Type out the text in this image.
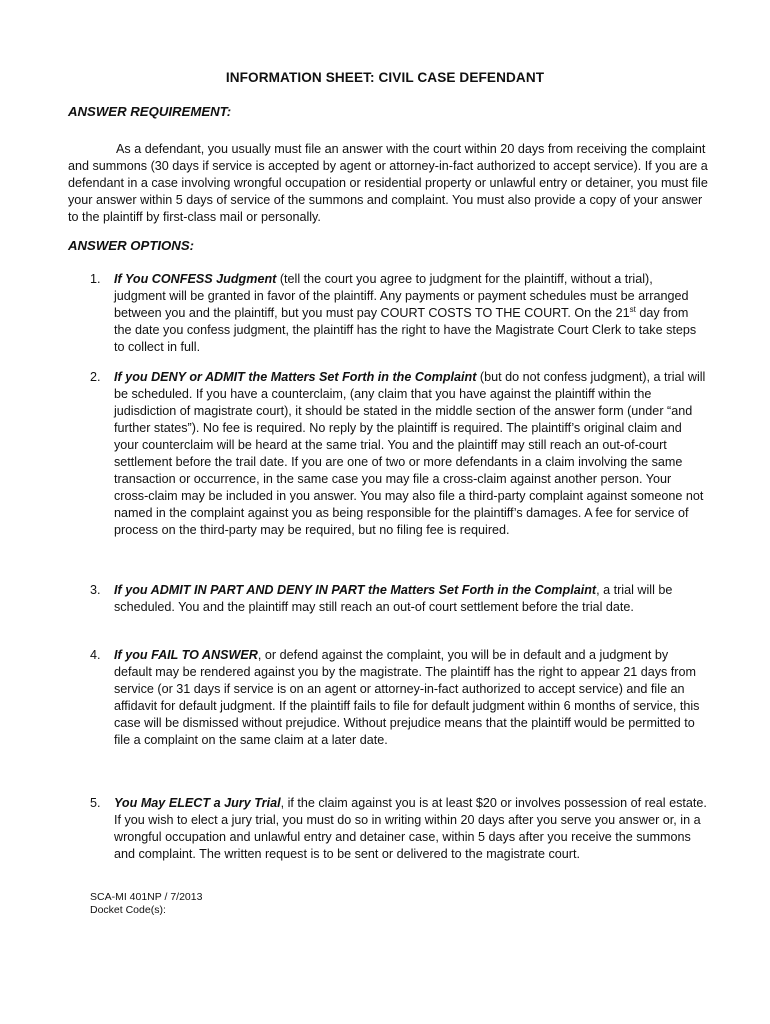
INFORMATION SHEET: CIVIL CASE DEFENDANT
ANSWER REQUIREMENT:
As a defendant, you usually must file an answer with the court within 20 days from receiving the complaint and summons (30 days if service is accepted by agent or attorney-in-fact authorized to accept service). If you are a defendant in a case involving wrongful occupation or residential property or unlawful entry or detainer, you must file your answer within 5 days of service of the summons and complaint. You must also provide a copy of your answer to the plaintiff by first-class mail or personally.
ANSWER OPTIONS:
1.	If You CONFESS Judgment (tell the court you agree to judgment for the plaintiff, without a trial), judgment will be granted in favor of the plaintiff. Any payments or payment schedules must be arranged between you and the plaintiff, but you must pay COURT COSTS TO THE COURT. On the 21st day from the date you confess judgment, the plaintiff has the right to have the Magistrate Court Clerk to take steps to collect in full.
2.	If you DENY or ADMIT the Matters Set Forth in the Complaint (but do not confess judgment), a trial will be scheduled. If you have a counterclaim, (any claim that you have against the plaintiff within the judisdiction of magistrate court), it should be stated in the middle section of the answer form (under “and further states”). No fee is required. No reply by the plaintiff is required. The plaintiff’s original claim and your counterclaim will be heard at the same trial. You and the plaintiff may still reach an out-of-court settlement before the trail date. If you are one of two or more defendants in a claim involving the same transaction or occurrence, in the same case you may file a cross-claim against another person. Your cross-claim may be included in you answer. You may also file a third-party complaint against someone not named in the complaint against you as being responsible for the plaintiff’s damages. A fee for service of process on the third-party may be required, but no filing fee is required.
3.	If you ADMIT IN PART AND DENY IN PART the Matters Set Forth in the Complaint, a trial will be scheduled. You and the plaintiff may still reach an out-of court settlement before the trial date.
4.	If you FAIL TO ANSWER, or defend against the complaint, you will be in default and a judgment by default may be rendered against you by the magistrate. The plaintiff has the right to appear 21 days from service (or 31 days if service is on an agent or attorney-in-fact authorized to accept service) and file an affidavit for default judgment. If the plaintiff fails to file for default judgment within 6 months of service, this case will be dismissed without prejudice. Without prejudice means that the plaintiff would be permitted to file a complaint on the same claim at a later date.
5.	You May ELECT a Jury Trial, if the claim against you is at least $20 or involves possession of real estate. If you wish to elect a jury trial, you must do so in writing within 20 days after you serve you answer or, in a wrongful occupation and unlawful entry and detainer case, within 5 days after you receive the summons and complaint. The written request is to be sent or delivered to the magistrate court.
SCA-MI 401NP / 7/2013
Docket Code(s):
